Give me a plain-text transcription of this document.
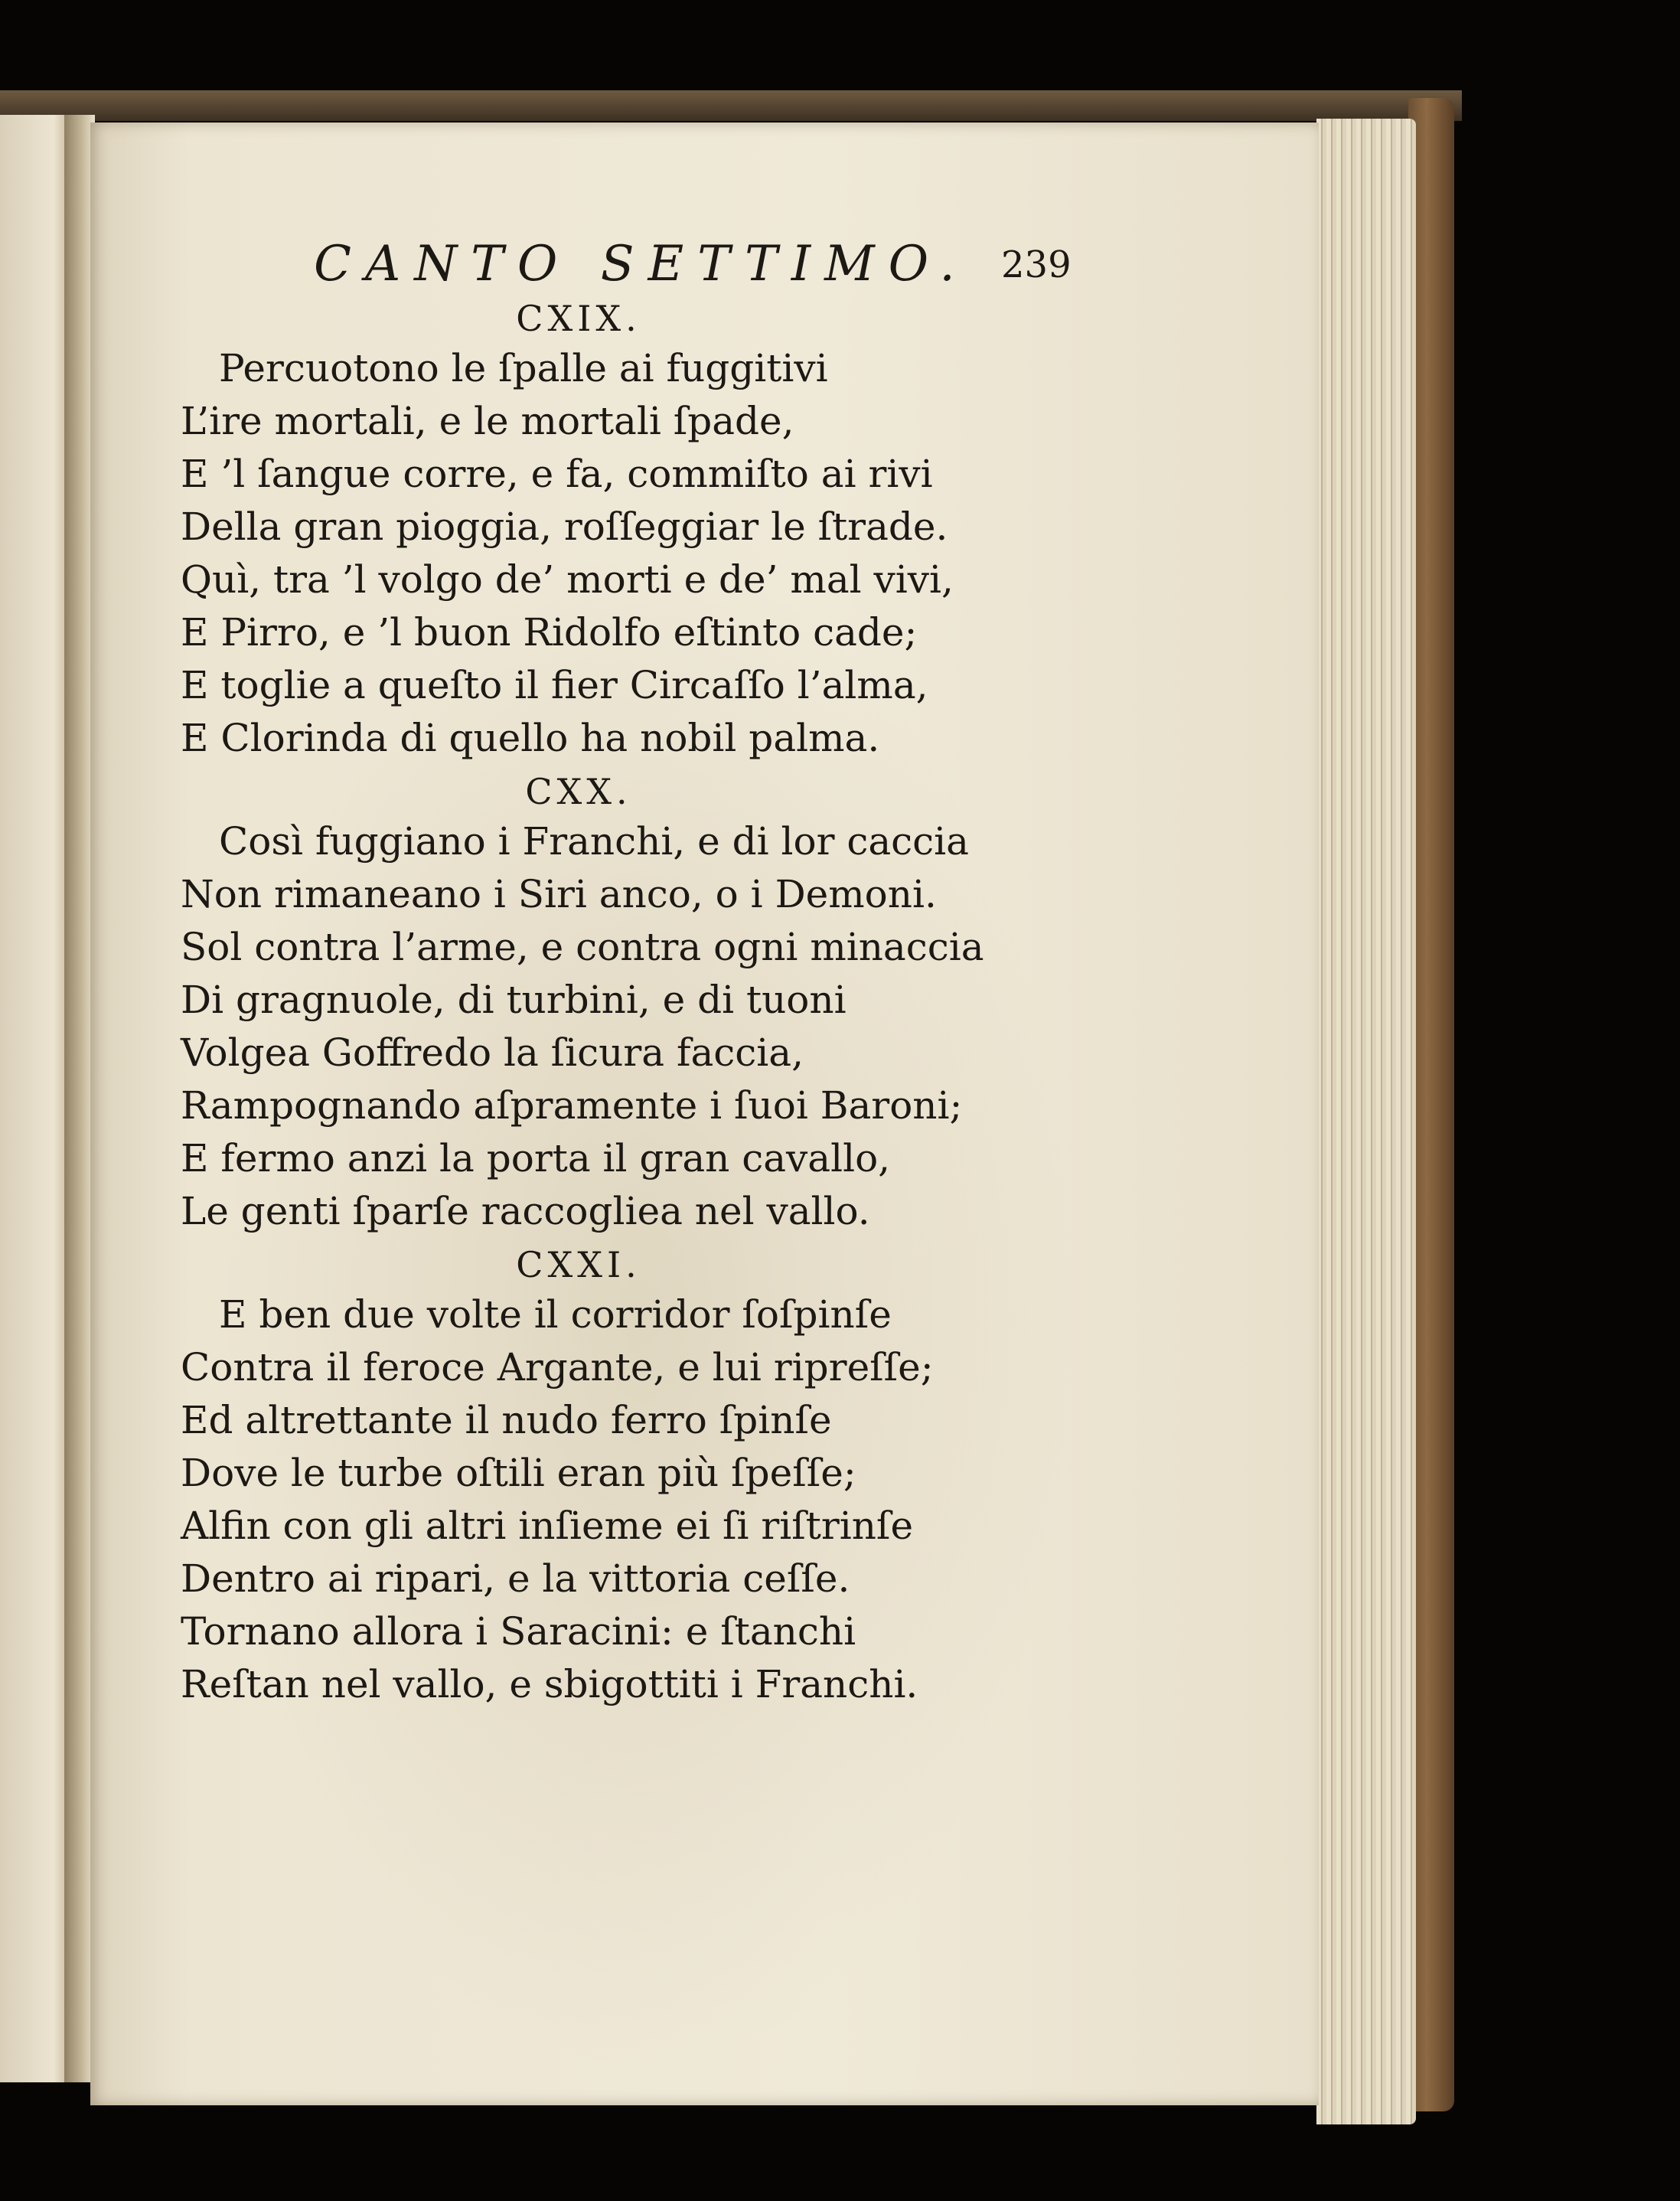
CANTO SETTIMO. 239
CXIX.
Percuotono le ſpalle ai fuggitivi
L’ire mortali, e le mortali ſpade,
E ’l ſangue corre, e fa, commiſto ai rivi
Della gran pioggia, roſſeggiar le ſtrade.
Quì, tra ’l volgo de’ morti e de’ mal vivi,
E Pirro, e ’l buon Ridolfo eſtinto cade;
E toglie a queſto il fier Circaſſo l’alma,
E Clorinda di quello ha nobil palma.
CXX.
Così fuggiano i Franchi, e di lor caccia
Non rimaneano i Siri anco, o i Demoni.
Sol contra l’arme, e contra ogni minaccia
Di gragnuole, di turbini, e di tuoni
Volgea Goffredo la ſicura faccia,
Rampognando aſpramente i ſuoi Baroni;
E fermo anzi la porta il gran cavallo,
Le genti ſparſe raccogliea nel vallo.
CXXI.
E ben due volte il corridor ſoſpinſe
Contra il feroce Argante, e lui ripreſſe;
Ed altrettante il nudo ferro ſpinſe
Dove le turbe oſtili eran più ſpeſſe;
Alfin con gli altri inſieme ei ſi riſtrinſe
Dentro ai ripari, e la vittoria ceſſe.
Tornano allora i Saracini: e ſtanchi
Reſtan nel vallo, e sbigottiti i Franchi.
